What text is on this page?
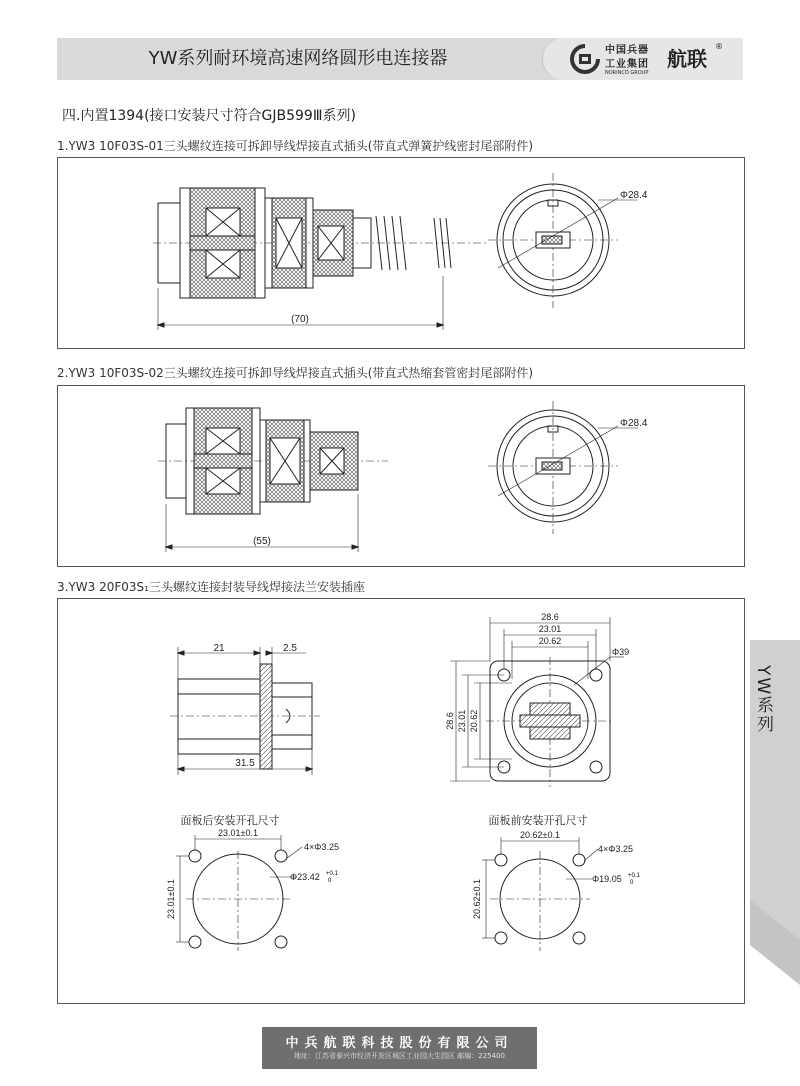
YW系列耐环境高速网络圆形电连接器	中国兵器
工业集团
NORINCO GROUP
航联
®
四.内置1394(接口安装尺寸符合GJB599Ⅲ系列)
1.YW3 10F03S-01三头螺纹连接可拆卸导线焊接直式插头(带直式弹簧护线密封尾部附件)
(70)
Φ28.4
2.YW3 10F03S-02三头螺纹连接可拆卸导线焊接直式插头(带直式热缩套管密封尾部附件)
(55)
Φ28.4
3.YW3 20F03S₁三头螺纹连接封装导线焊接法兰安装插座
21	2.5
31.5
28.6
23.01
20.62
Φ39
28.6 23.01 20.62
面板后安装开孔尺寸
23.01±0.1
23.01±0.1
4×Φ3.25
Φ23.42 +0.1
0
面板前安装开孔尺寸
20.62±0.1
20.62±0.1
4×Φ3.25
Φ19.05 +0.1
0
YW系列
中兵航联科技股份有限公司
地址：江苏省泰兴市经济开发区城区工业园大生园区 邮编：225400
